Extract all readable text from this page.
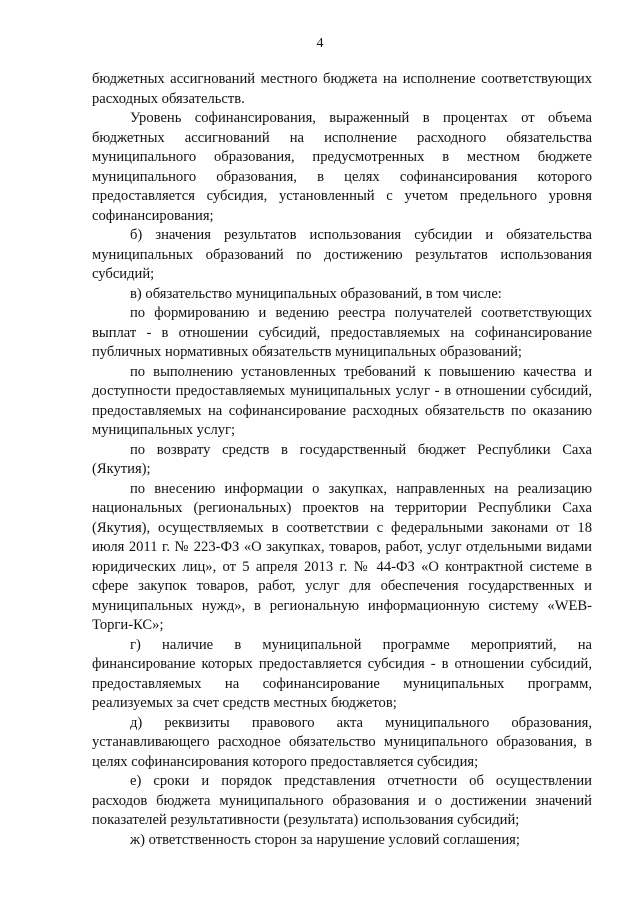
4

бюджетных ассигнований местного бюджета на исполнение соответствующих расходных обязательств.

Уровень софинансирования, выраженный в процентах от объема бюджетных ассигнований на исполнение расходного обязательства муниципального образования, предусмотренных в местном бюджете муниципального образования, в целях софинансирования которого предоставляется субсидия, установленный с учетом предельного уровня софинансирования;

б) значения результатов использования субсидии и обязательства муниципальных образований по достижению результатов использования субсидий;

в) обязательство муниципальных образований, в том числе:

по формированию и ведению реестра получателей соответствующих выплат - в отношении субсидий, предоставляемых на софинансирование публичных нормативных обязательств муниципальных образований;

по выполнению установленных требований к повышению качества и доступности предоставляемых муниципальных услуг - в отношении субсидий, предоставляемых на софинансирование расходных обязательств по оказанию муниципальных услуг;

по возврату средств в государственный бюджет Республики Саха (Якутия);

по внесению информации о закупках, направленных на реализацию национальных (региональных) проектов на территории Республики Саха (Якутия), осуществляемых в соответствии с федеральными законами от 18 июля 2011 г. № 223-ФЗ «О закупках, товаров, работ, услуг отдельными видами юридических лиц», от 5 апреля 2013 г. № 44-ФЗ «О контрактной системе в сфере закупок товаров, работ, услуг для обеспечения государственных и муниципальных нужд», в региональную информационную систему «WEB-Торги-КС»;

г) наличие в муниципальной программе мероприятий, на финансирование которых предоставляется субсидия - в отношении субсидий, предоставляемых на софинансирование муниципальных программ, реализуемых за счет средств местных бюджетов;

д) реквизиты правового акта муниципального образования, устанавливающего расходное обязательство муниципального образования, в целях софинансирования которого предоставляется субсидия;

е) сроки и порядок представления отчетности об осуществлении расходов бюджета муниципального образования и о достижении значений показателей результативности (результата) использования субсидий;

ж) ответственность сторон за нарушение условий соглашения;
